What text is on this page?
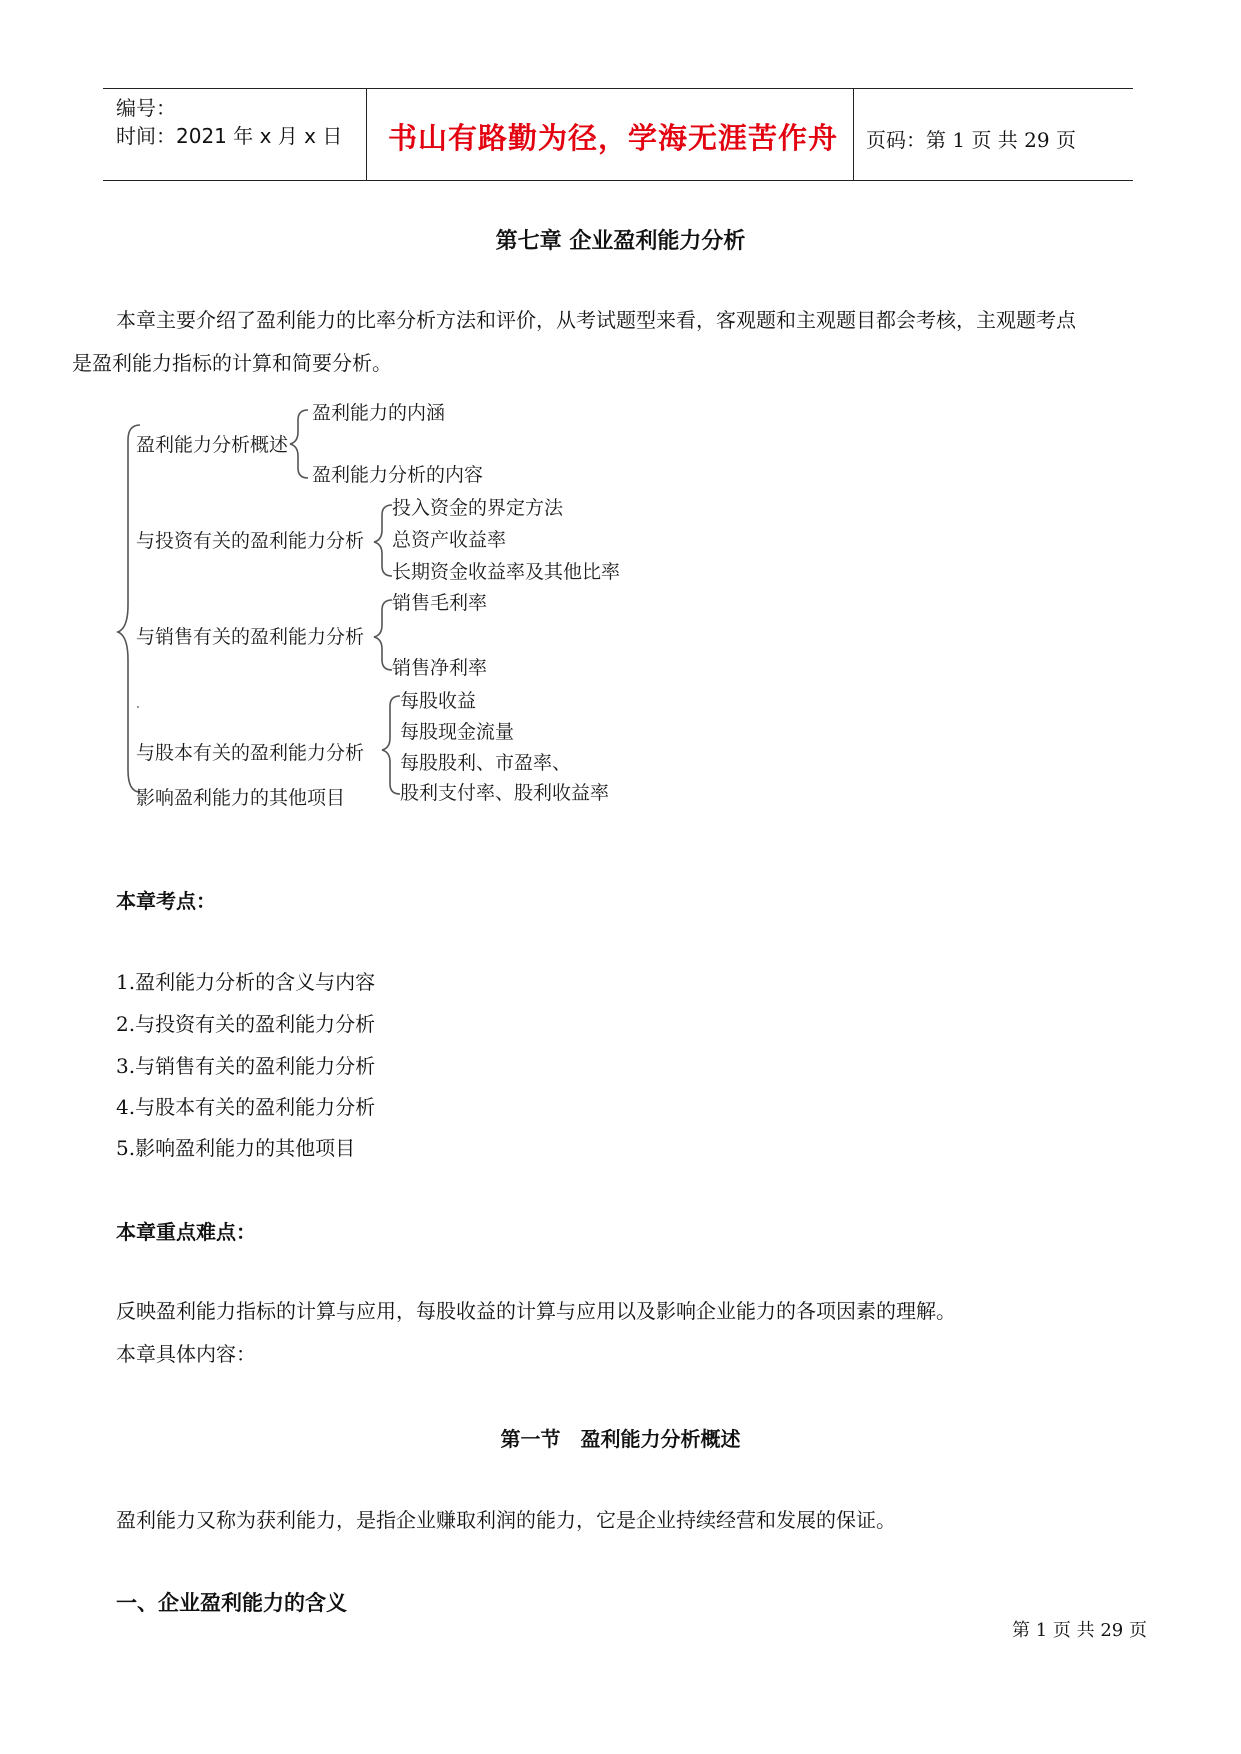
编号：
时间：2021 年 x 月 x 日 书山有路勤为径，学海无涯苦作舟 页码：第 1 页 共 29 页
第七章 企业盈利能力分析
本章主要介绍了盈利能力的比率分析方法和评价，从考试题型来看，客观题和主观题目都会考核，主观题考点
是盈利能力指标的计算和简要分析。
盈利能力分析概述
与投资有关的盈利能力分析
与销售有关的盈利能力分析
与股本有关的盈利能力分析
影响盈利能力的其他项目
盈利能力的内涵
盈利能力分析的内容
投入资金的界定方法
总资产收益率
长期资金收益率及其他比率
销售毛利率
销售净利率
每股收益
每股现金流量
每股股利、市盈率、
股利支付率、股利收益率
本章考点：
1.盈利能力分析的含义与内容
2.与投资有关的盈利能力分析
3.与销售有关的盈利能力分析
4.与股本有关的盈利能力分析
5.影响盈利能力的其他项目
本章重点难点：
反映盈利能力指标的计算与应用，每股收益的计算与应用以及影响企业能力的各项因素的理解。
本章具体内容：
第一节　盈利能力分析概述
盈利能力又称为获利能力，是指企业赚取利润的能力，它是企业持续经营和发展的保证。
一、企业盈利能力的含义
第 1 页 共 29 页
